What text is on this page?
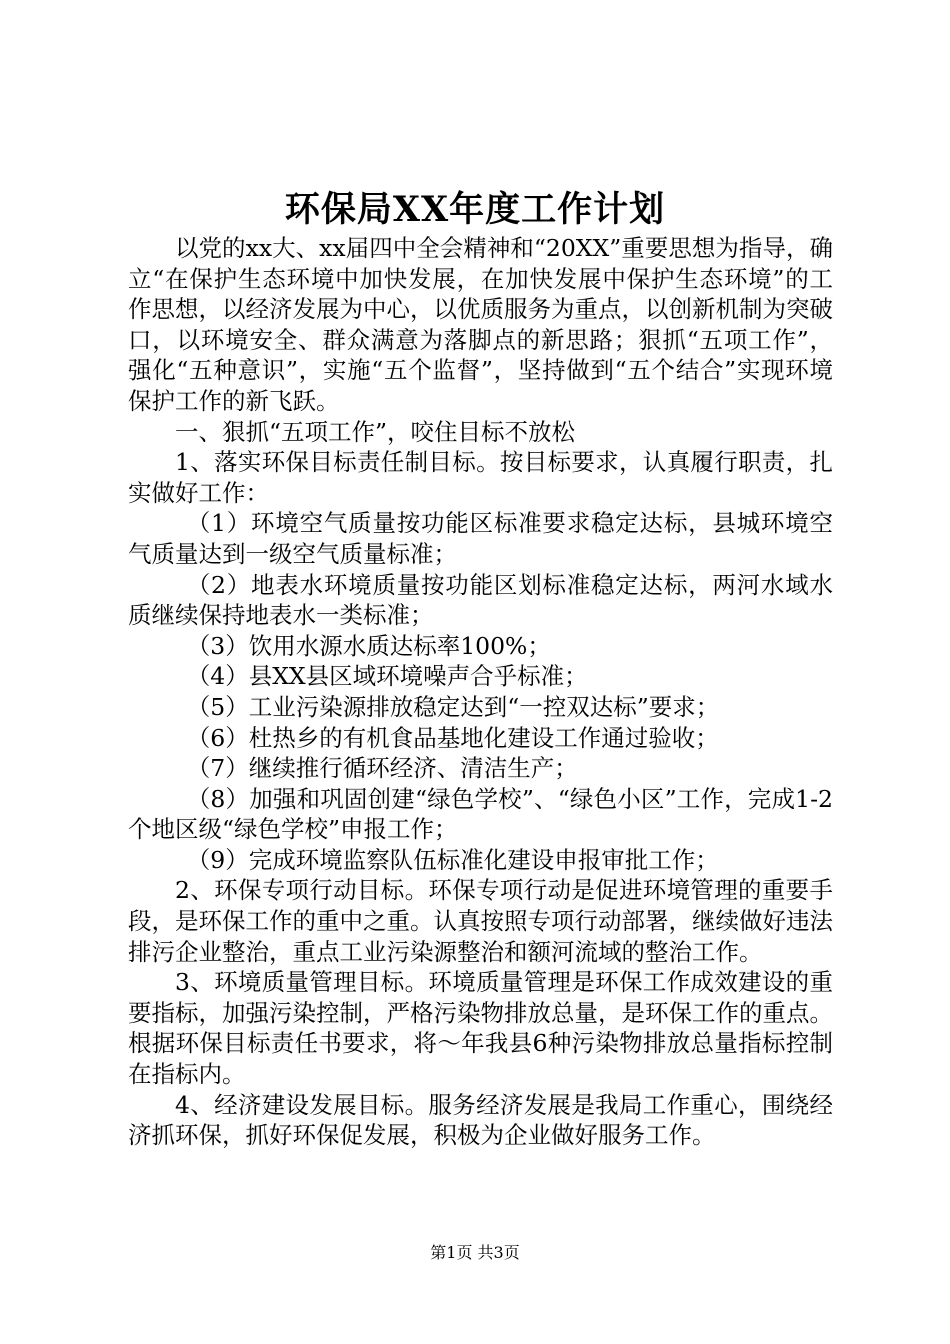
环保局XX年度工作计划

以党的xx大、xx届四中全会精神和“20XX”重要思想为指导，确立“在保护生态环境中加快发展，在加快发展中保护生态环境”的工作思想，以经济发展为中心，以优质服务为重点，以创新机制为突破口，以环境安全、群众满意为落脚点的新思路；狠抓“五项工作”，强化“五种意识”，实施“五个监督”，坚持做到“五个结合”实现环境保护工作的新飞跃。

一、狠抓“五项工作”，咬住目标不放松

1、落实环保目标责任制目标。按目标要求，认真履行职责，扎实做好工作：

（1）环境空气质量按功能区标准要求稳定达标，县城环境空气质量达到一级空气质量标准；

（2）地表水环境质量按功能区划标准稳定达标，两河水域水质继续保持地表水一类标准；

（3）饮用水源水质达标率100%；

（4）县XX县区域环境噪声合乎标准；

（5）工业污染源排放稳定达到“一控双达标”要求；

（6）杜热乡的有机食品基地化建设工作通过验收；

（7）继续推行循环经济、清洁生产；

（8）加强和巩固创建“绿色学校”、“绿色小区”工作，完成1-2个地区级“绿色学校”申报工作；

（9）完成环境监察队伍标准化建设申报审批工作；

2、环保专项行动目标。环保专项行动是促进环境管理的重要手段，是环保工作的重中之重。认真按照专项行动部署，继续做好违法排污企业整治，重点工业污染源整治和额河流域的整治工作。

3、环境质量管理目标。环境质量管理是环保工作成效建设的重要指标，加强污染控制，严格污染物排放总量，是环保工作的重点。根据环保目标责任书要求，将～年我县6种污染物排放总量指标控制在指标内。

4、经济建设发展目标。服务经济发展是我局工作重心，围绕经济抓环保，抓好环保促发展，积极为企业做好服务工作。

第1页 共3页
